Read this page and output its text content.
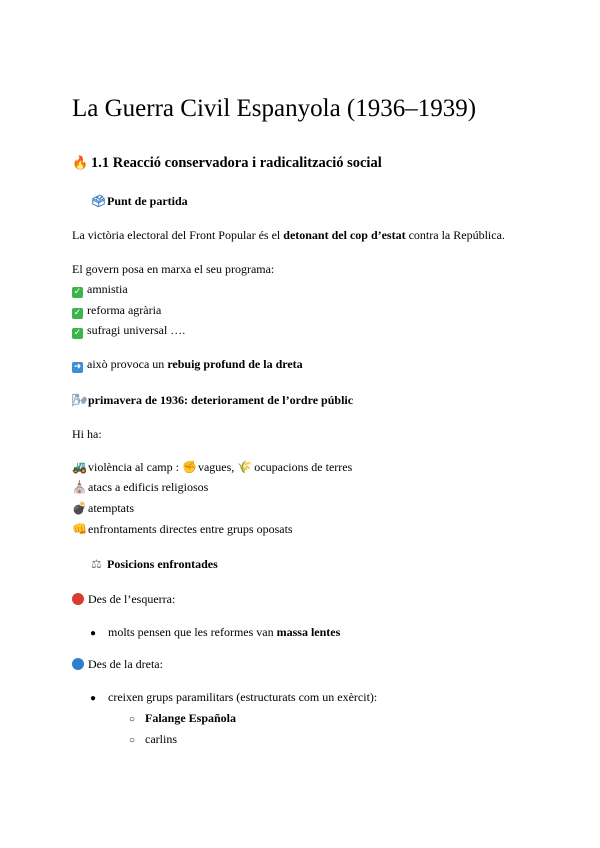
La Guerra Civil Espanyola (1936–1939)
🔥 1.1 Reacció conservadora i radicalització social
🗳Punt de partida
La victòria electoral del Front Popular és el detonant del cop d’estat contra la República.
El govern posa en marxa el seu programa:
✓ amnistia
✓ reforma agrària
✓ sufragi universal ….
➜ això provoca un rebuig profund de la dreta
🌬primavera de 1936: deteriorament de l’ordre públic
Hi ha:
🚜violència al camp : ✊ vagues, 🌾 ocupacions de terres
⛪atacs a edificis religiosos
💣atemptats
👊enfrontaments directes entre grups oposats
⚖ Posicions enfrontades
Des de l’esquerra:
● molts pensen que les reformes van massa lentes
Des de la dreta:
● creixen grups paramilitars (estructurats com un exèrcit):
○ Falange Española
○ carlins
